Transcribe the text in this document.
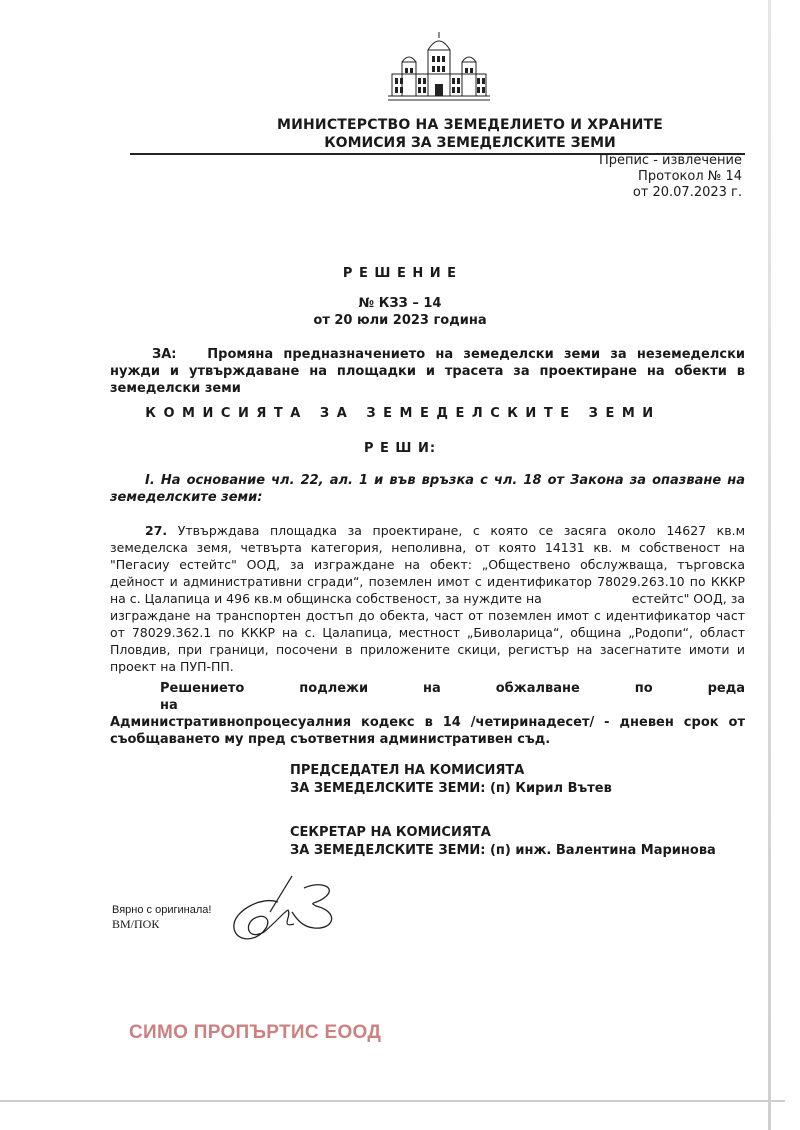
МИНИСТЕРСТВО НА ЗЕМЕДЕЛИЕТО И ХРАНИТЕ
КОМИСИЯ ЗА ЗЕМЕДЕЛСКИТЕ ЗЕМИ
Препис - извлечение
Протокол № 14
от 20.07.2023 г.
Р Е Ш Е Н И Е
№ КЗЗ – 14
от 20 юли 2023 година
ЗА: Промяна предназначението на земеделски земи за неземеделски
нужди и утвърждаване на площадки и трасета за проектиране на обекти в
земеделски земи
К О М И С И Я Т А   З А   З Е М Е Д Е Л С К И Т Е   З Е М И
Р Е Ш И:
I. На основание чл. 22, ал. 1 и във връзка с чл. 18 от Закона за опазване на
земеделските земи:
27. Утвърждава площадка за проектиране, с която се засяга около 14627 кв.м
земеделска земя, четвърта категория, неполивна, от която 14131 кв. м собственост на
"Пегасиу естейтс" ООД, за изграждане на обект: „Обществено обслужваща, търговска
дейност и административни сгради“, поземлен имот с идентификатор 78029.263.10 по КККР
на с. Цалапица и 496 кв.м общинска собственост, за нуждите на	естейтс" ООД, за
изграждане на транспортен достъп до обекта, част от поземлен имот с идентификатор част
от 78029.362.1 по КККР на с. Цалапица, местност „Биволарица“, община „Родопи“, област
Пловдив, при граници, посочени в приложените скици, регистър на засегнатите имоти и
проект на ПУП-ПП.
Решението подлежи на обжалване по реда на
Административнопроцесуалния кодекс в 14 /четиринадесет/ - дневен срок от
съобщаването му пред съответния административен съд.
ПРЕДСЕДАТЕЛ НА КОМИСИЯТА
ЗА ЗЕМЕДЕЛСКИТЕ ЗЕМИ: (п) Кирил Вътев
СЕКРЕТАР НА КОМИСИЯТА
ЗА ЗЕМЕДЕЛСКИТЕ ЗЕМИ: (п) инж. Валентина Маринова
Вярно с оригинала!
ВМ/ПОК
СИМО ПРОПЪРТИС ЕООД
